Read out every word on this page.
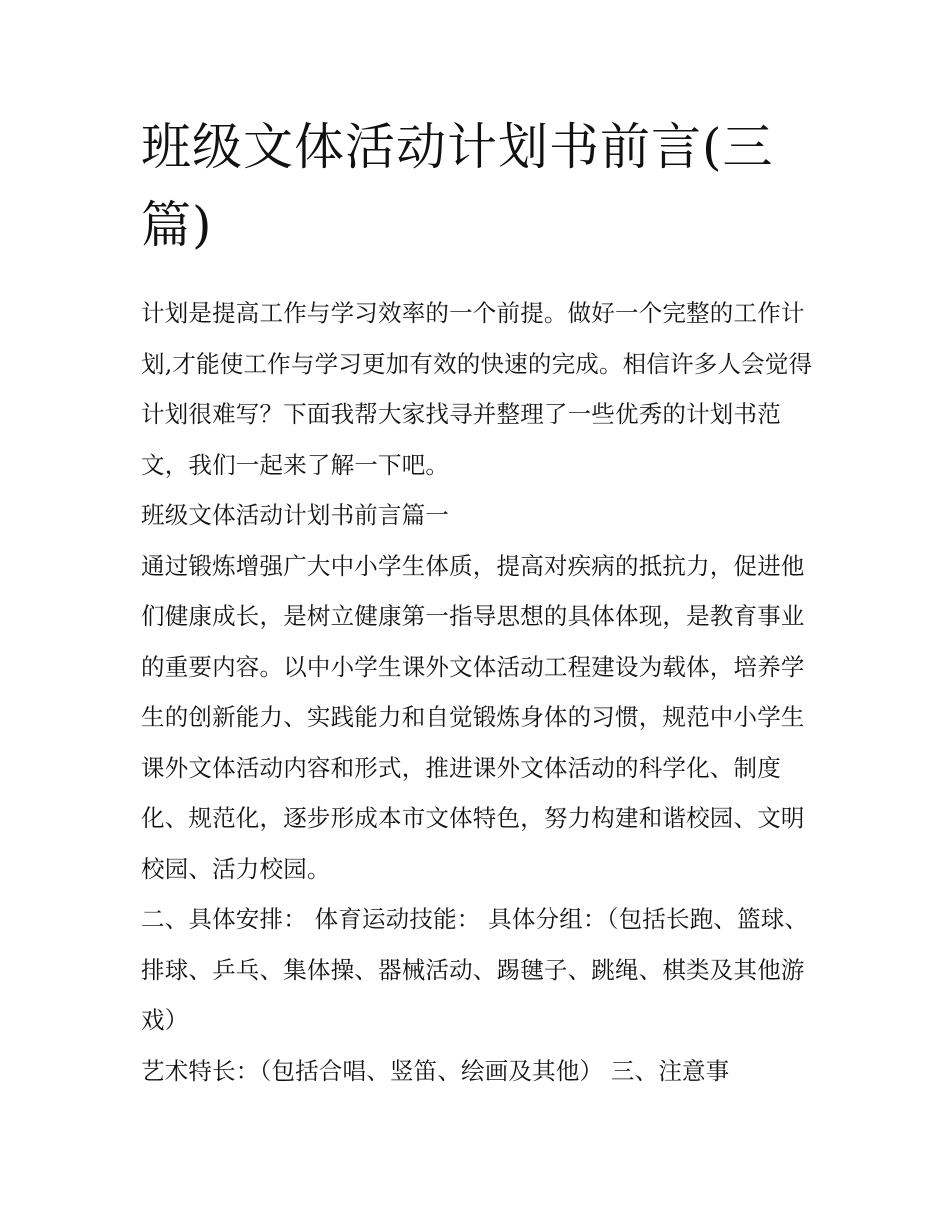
班级文体活动计划书前言(三篇)

计划是提高工作与学习效率的一个前提。做好一个完整的工作计划,才能使工作与学习更加有效的快速的完成。相信许多人会觉得计划很难写？下面我帮大家找寻并整理了一些优秀的计划书范文，我们一起来了解一下吧。

班级文体活动计划书前言篇一

通过锻炼增强广大中小学生体质，提高对疾病的抵抗力，促进他们健康成长，是树立健康第一指导思想的具体体现，是教育事业的重要内容。以中小学生课外文体活动工程建设为载体，培养学生的创新能力、实践能力和自觉锻炼身体的习惯，规范中小学生课外文体活动内容和形式，推进课外文体活动的科学化、制度化、规范化，逐步形成本市文体特色，努力构建和谐校园、文明校园、活力校园。

二、具体安排： 体育运动技能： 具体分组：（包括长跑、篮球、排球、乒乓、集体操、器械活动、踢毽子、跳绳、棋类及其他游戏）

艺术特长：（包括合唱、竖笛、绘画及其他） 三、注意事
